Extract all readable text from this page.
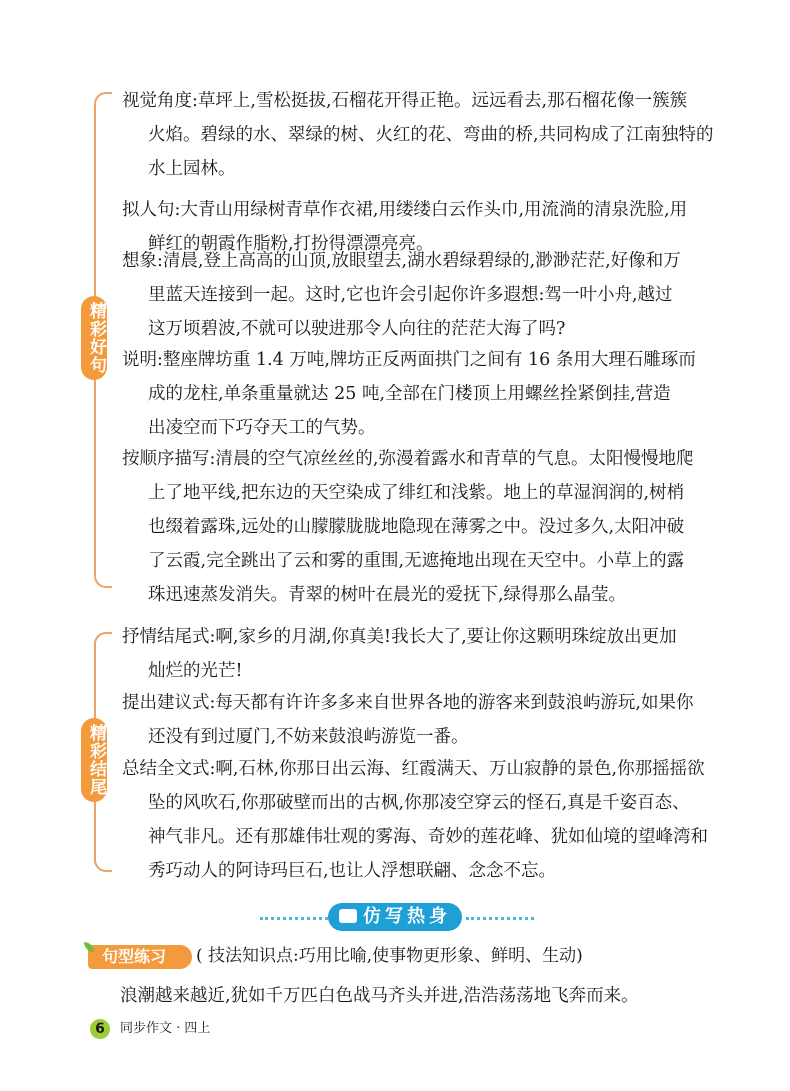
精彩好句
视觉角度:草坪上,雪松挺拔,石榴花开得正艳。远远看去,那石榴花像一簇簇
火焰。碧绿的水、翠绿的树、火红的花、弯曲的桥,共同构成了江南独特的
水上园林。
拟人句:大青山用绿树青草作衣裙,用缕缕白云作头巾,用流淌的清泉洗脸,用
鲜红的朝霞作脂粉,打扮得漂漂亮亮。
想象:清晨,登上高高的山顶,放眼望去,湖水碧绿碧绿的,渺渺茫茫,好像和万
里蓝天连接到一起。这时,它也许会引起你许多遐想:驾一叶小舟,越过
这万顷碧波,不就可以驶进那令人向往的茫茫大海了吗?
说明:整座牌坊重 1.4 万吨,牌坊正反两面拱门之间有 16 条用大理石雕琢而
成的龙柱,单条重量就达 25 吨,全部在门楼顶上用螺丝拴紧倒挂,营造
出凌空而下巧夺天工的气势。
按顺序描写:清晨的空气凉丝丝的,弥漫着露水和青草的气息。太阳慢慢地爬
上了地平线,把东边的天空染成了绯红和浅紫。地上的草湿润润的,树梢
也缀着露珠,远处的山朦朦胧胧地隐现在薄雾之中。没过多久,太阳冲破
了云霞,完全跳出了云和雾的重围,无遮掩地出现在天空中。小草上的露
珠迅速蒸发消失。青翠的树叶在晨光的爱抚下,绿得那么晶莹。
精彩结尾
抒情结尾式:啊,家乡的月湖,你真美!我长大了,要让你这颗明珠绽放出更加
灿烂的光芒!
提出建议式:每天都有许许多多来自世界各地的游客来到鼓浪屿游玩,如果你
还没有到过厦门,不妨来鼓浪屿游览一番。
总结全文式:啊,石林,你那日出云海、红霞满天、万山寂静的景色,你那摇摇欲
坠的风吹石,你那破壁而出的古枫,你那凌空穿云的怪石,真是千姿百态、
神气非凡。还有那雄伟壮观的雾海、奇妙的莲花峰、犹如仙境的望峰湾和
秀巧动人的阿诗玛巨石,也让人浮想联翩、念念不忘。
仿写热身
句型练习	( 技法知识点:巧用比喻,使事物更形象、鲜明、生动)
浪潮越来越近,犹如千万匹白色战马齐头并进,浩浩荡荡地飞奔而来。
6	同步作文 · 四上
